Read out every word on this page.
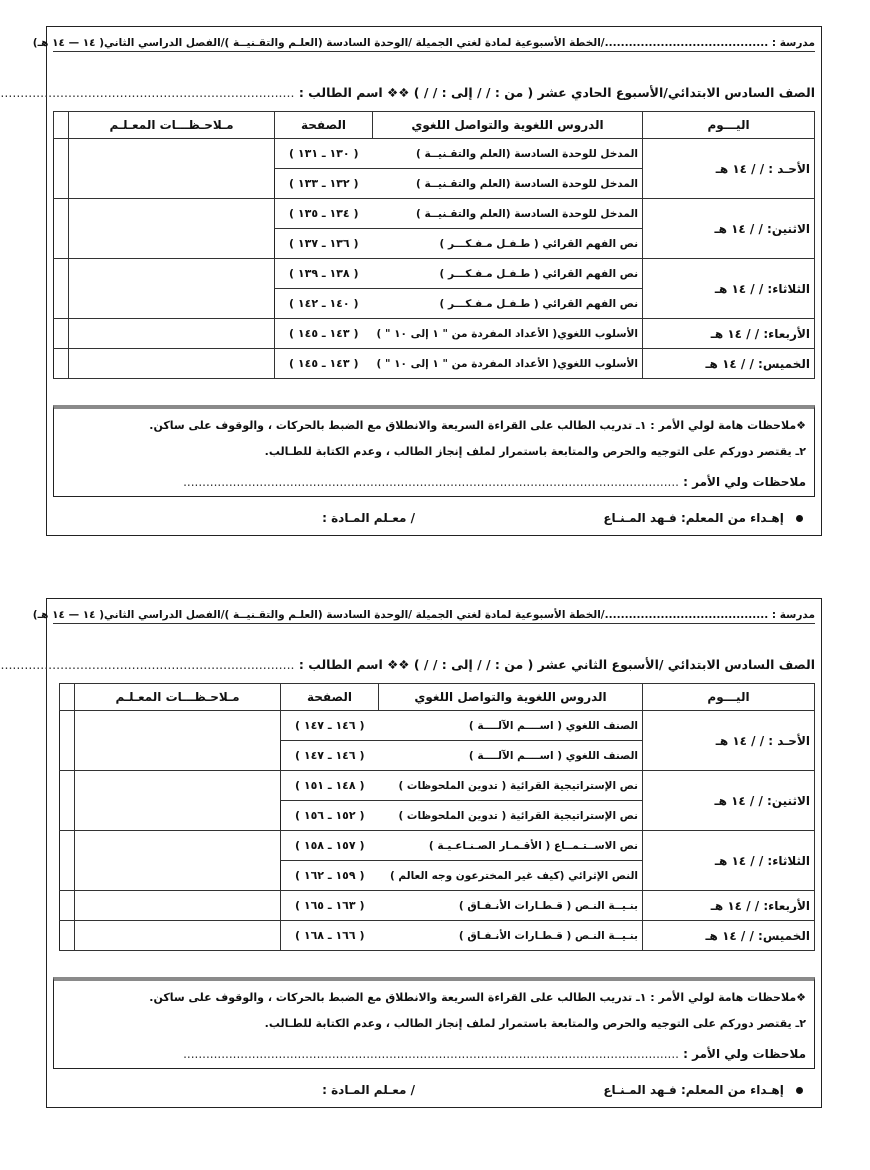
مدرسة : ........................................./الخطة الأسبوعية لمادة لغتي الجميلة /الوحدة السادسة (العلـم والتقـنيــة )/الفصل الدراسي الثاني( ١٤ — ١٤ هـ)
الصف السادس الابتدائي/الأسبوع الحادي عشر ( من : / / إلى : / / ) ❖❖ اسم الطالب : ..........................................................................
اليـــوم	الدروس اللغوية والتواصل اللغوي	الصفحة	مـلاحـظـــات المعـلـم	
الأحـد : / / ١٤ هـ	المدخل للوحدة السادسة (العلم والتقـنيــة )	( ١٣٠ ـ ١٣١ )		
	المدخل للوحدة السادسة (العلم والتقـنيــة )	( ١٣٢ ـ ١٣٣ )		
الاثنين: / / ١٤ هـ	المدخل للوحدة السادسة (العلم والتقـنيــة )	( ١٣٤ ـ ١٣٥ )		
	نص الفهم القرائي ( طـفـل مـفـكـــر )	( ١٣٦ ـ ١٣٧ )		
الثلاثاء: / / ١٤ هـ	نص الفهم القرائي ( طـفـل مـفـكـــر )	( ١٣٨ ـ ١٣٩ )		
	نص الفهم القرائي ( طـفـل مـفـكـــر )	( ١٤٠ ـ ١٤٢ )		
الأربعاء: / / ١٤ هـ	الأسلوب اللغوي( الأعداد المفردة من " ١ إلى ١٠ " )	( ١٤٣ ـ ١٤٥ )		
الخميس: / / ١٤ هـ	الأسلوب اللغوي( الأعداد المفردة من " ١ إلى ١٠ " )	( ١٤٣ ـ ١٤٥ )		
❖ملاحظات هامة لولي الأمر : ١ـ تدريب الطالب على القراءة السريعة والانطلاق مع الضبط بالحركات ، والوقوف على ساكن.
٢ـ يقتصر دوركم على التوجيه والحرص والمتابعة باستمرار لملف إنجاز الطالب ، وعدم الكتابة للطـالب.
ملاحظات ولي الأمر : ..................................................................................................................................
إهـداء من المعلم: فـهد المـنـاع  / معـلم المـادة :
مدرسة : ........................................./الخطة الأسبوعية لمادة لغتي الجميلة /الوحدة السادسة (العلـم والتقـنيــة )/الفصل الدراسي الثاني( ١٤ — ١٤ هـ)
الصف السادس الابتدائي /الأسبوع الثاني عشر ( من : / / إلى : / / ) ❖❖ اسم الطالب : ..........................................................................
اليـــوم	الدروس اللغوية والتواصل اللغوي	الصفحة	مـلاحـظـــات المعـلـم	
الأحـد : / / ١٤ هـ	الصنف اللغوي ( اســــم الآلــــة )	( ١٤٦ ـ ١٤٧ )		
	الصنف اللغوي ( اســــم الآلــــة )	( ١٤٦ ـ ١٤٧ )		
الاثنين: / / ١٤ هـ	نص الإستراتيجية القرائية ( تدوين الملحوظات )	( ١٤٨ ـ ١٥١ )		
	نص الإستراتيجية القرائية ( تدوين الملحوظات )	( ١٥٢ ـ ١٥٦ )		
الثلاثاء: / / ١٤ هـ	نص الاســتـمــاع ( الأقـمـار الصـنـاعـيـة )	( ١٥٧ ـ ١٥٨ )		
	النص الإثرائي (كيف غير المخترعون وجه العالم )	( ١٥٩ ـ ١٦٢ )		
الأربعاء: / / ١٤ هـ	بنـيــة النـص ( قـطـارات الأنـفـاق )	( ١٦٣ ـ ١٦٥ )		
الخميس: / / ١٤ هـ	بنـيــة النـص ( قـطـارات الأنـفـاق )	( ١٦٦ ـ ١٦٨ )		
❖ملاحظات هامة لولي الأمر : ١ـ تدريب الطالب على القراءة السريعة والانطلاق مع الضبط بالحركات ، والوقوف على ساكن.
٢ـ يقتصر دوركم على التوجيه والحرص والمتابعة باستمرار لملف إنجاز الطالب ، وعدم الكتابة للطـالب.
ملاحظات ولي الأمر : ..................................................................................................................................
إهـداء من المعلم: فـهد المـنـاع  / معـلم المـادة :
